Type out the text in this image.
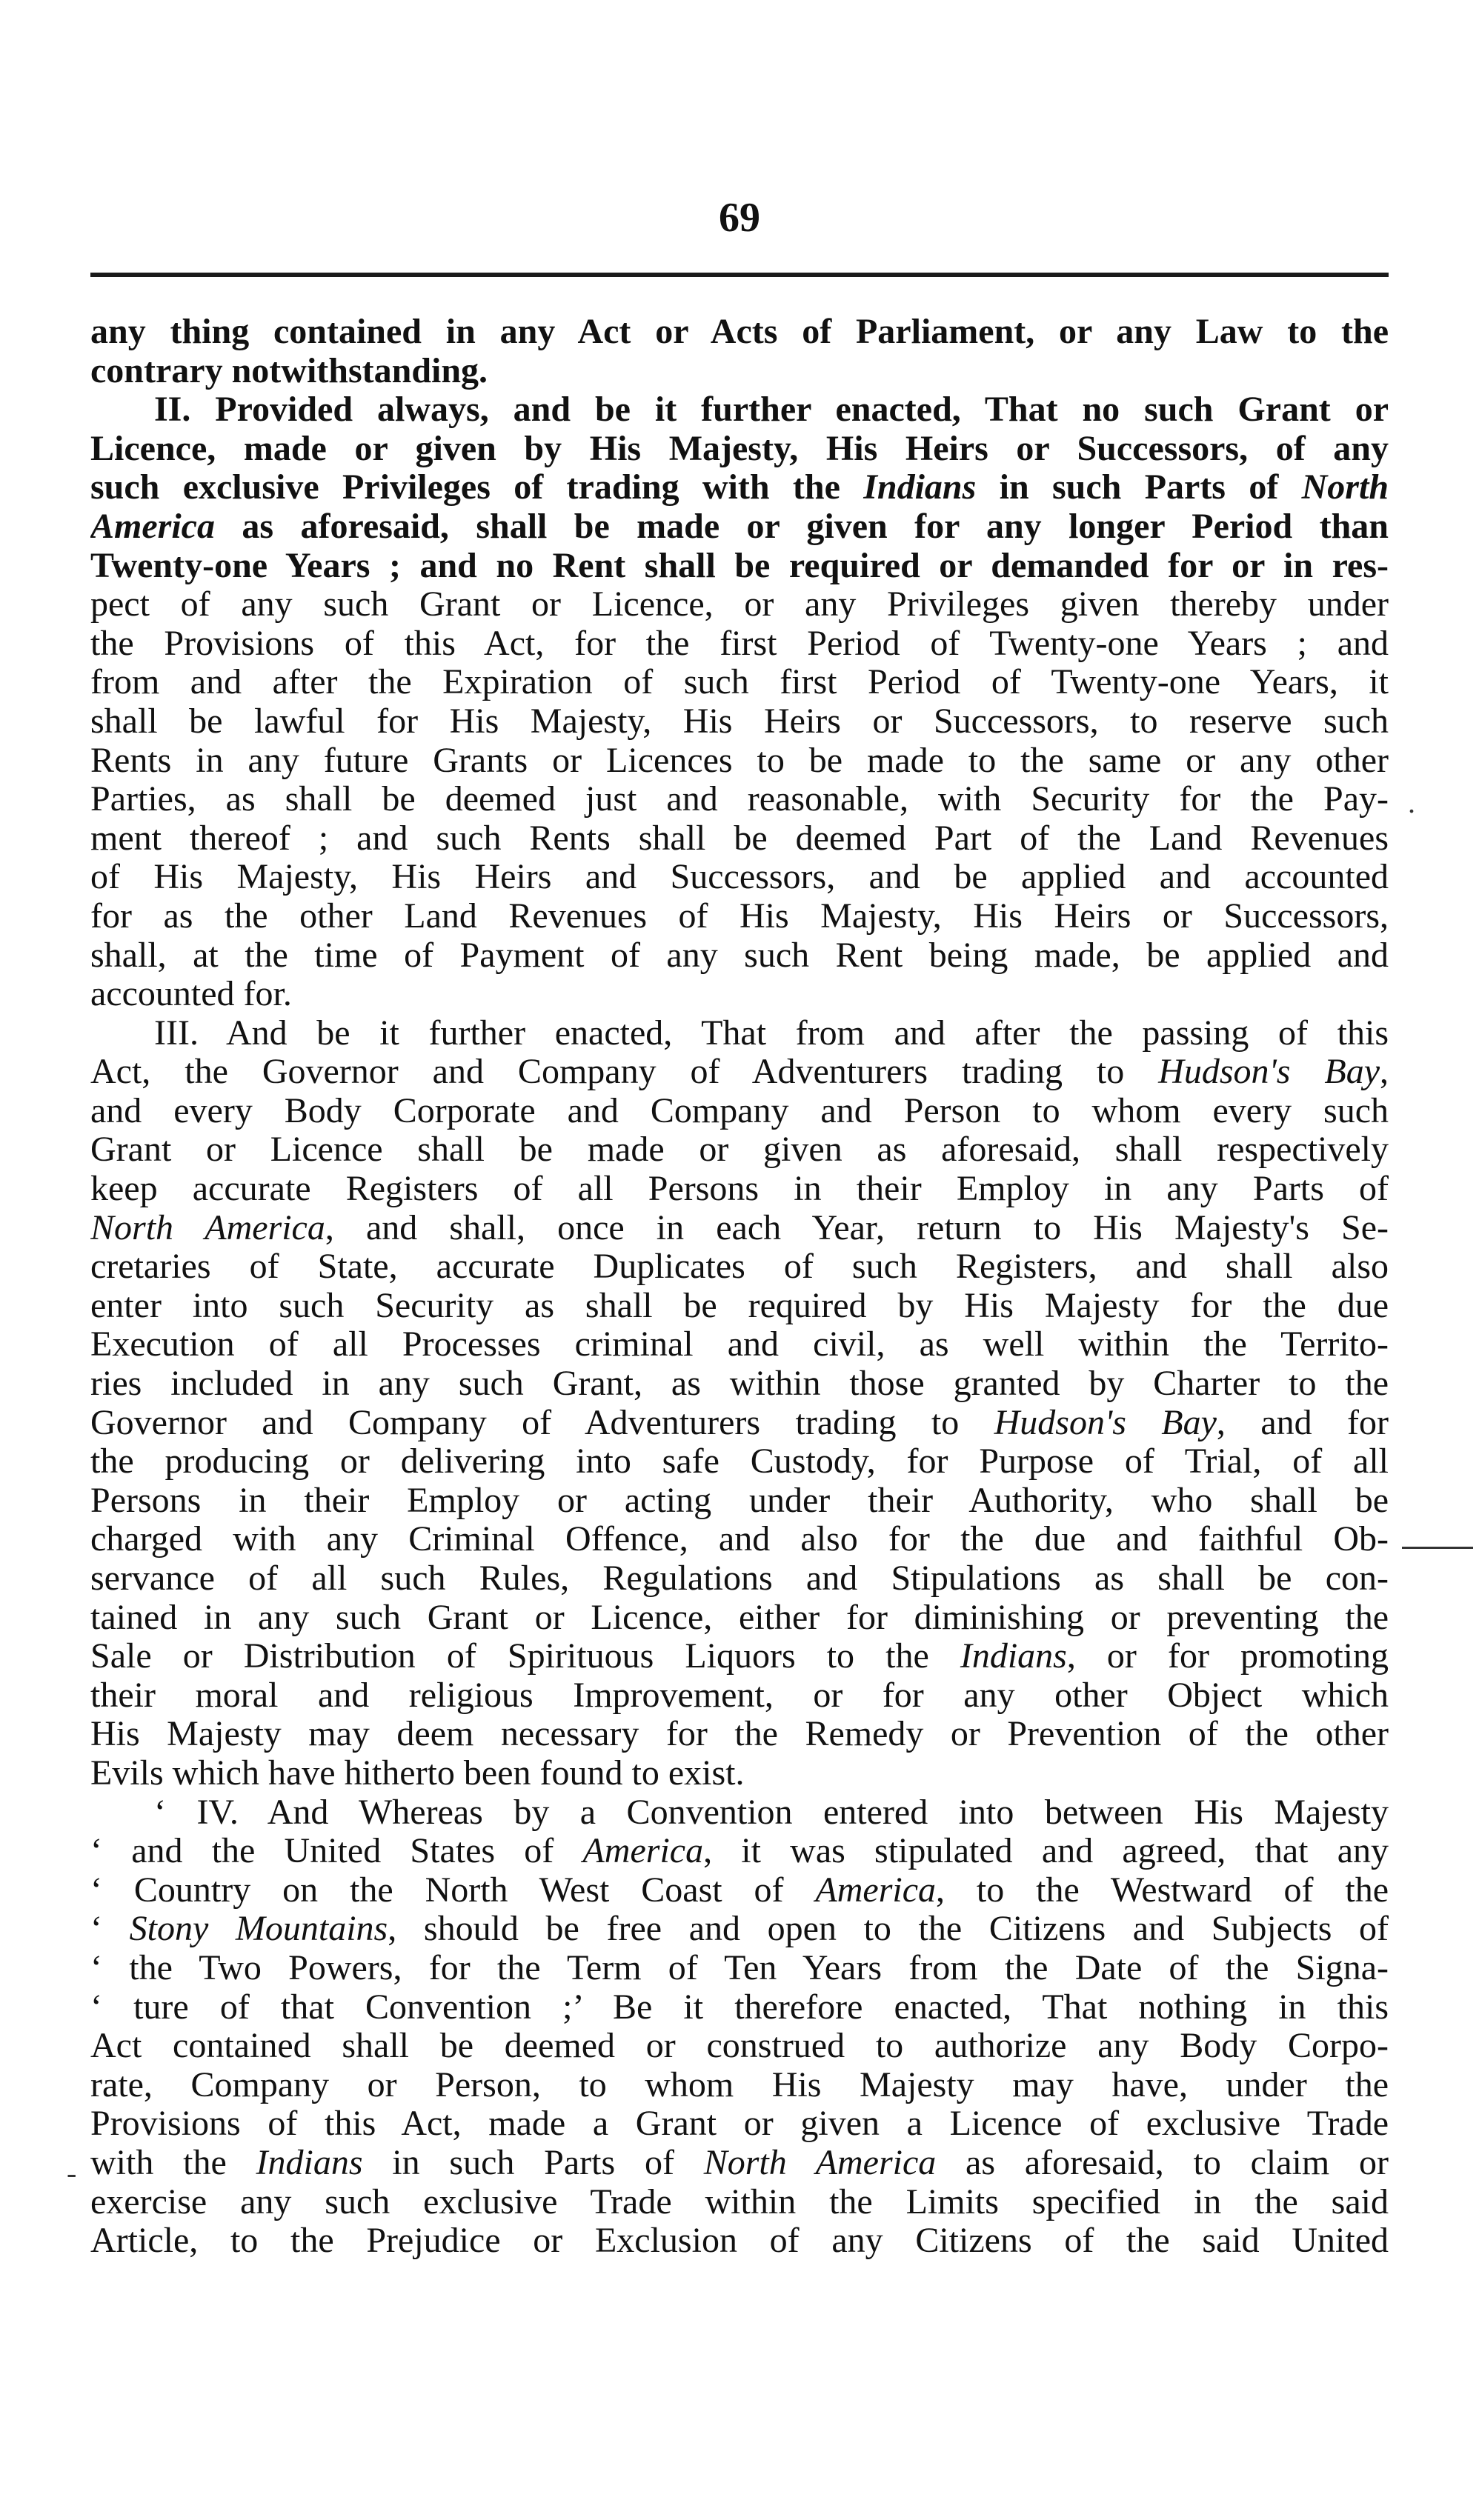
69
any thing contained in any Act or Acts of Parliament, or any Law to the
contrary notwithstanding.
II. Provided always, and be it further enacted, That no such Grant or
Licence, made or given by His Majesty, His Heirs or Successors, of any
such exclusive Privileges of trading with the Indians in such Parts of North
America as aforesaid, shall be made or given for any longer Period than
Twenty-one Years ; and no Rent shall be required or demanded for or in res-
pect of any such Grant or Licence, or any Privileges given thereby under
the Provisions of this Act, for the first Period of Twenty-one Years ; and
from and after the Expiration of such first Period of Twenty-one Years, it
shall be lawful for His Majesty, His Heirs or Successors, to reserve such
Rents in any future Grants or Licences to be made to the same or any other
Parties, as shall be deemed just and reasonable, with Security for the Pay-
ment thereof ; and such Rents shall be deemed Part of the Land Revenues
of His Majesty, His Heirs and Successors, and be applied and accounted
for as the other Land Revenues of His Majesty, His Heirs or Successors,
shall, at the time of Payment of any such Rent being made, be applied and
accounted for.
III. And be it further enacted, That from and after the passing of this
Act, the Governor and Company of Adventurers trading to Hudson's Bay,
and every Body Corporate and Company and Person to whom every such
Grant or Licence shall be made or given as aforesaid, shall respectively
keep accurate Registers of all Persons in their Employ in any Parts of
North America, and shall, once in each Year, return to His Majesty's Se-
cretaries of State, accurate Duplicates of such Registers, and shall also
enter into such Security as shall be required by His Majesty for the due
Execution of all Processes criminal and civil, as well within the Territo-
ries included in any such Grant, as within those granted by Charter to the
Governor and Company of Adventurers trading to Hudson's Bay, and for
the producing or delivering into safe Custody, for Purpose of Trial, of all
Persons in their Employ or acting under their Authority, who shall be
charged with any Criminal Offence, and also for the due and faithful Ob-
servance of all such Rules, Regulations and Stipulations as shall be con-
tained in any such Grant or Licence, either for diminishing or preventing the
Sale or Distribution of Spirituous Liquors to the Indians, or for promoting
their moral and religious Improvement, or for any other Object which
His Majesty may deem necessary for the Remedy or Prevention of the other
Evils which have hitherto been found to exist.
‘ IV. And Whereas by a Convention entered into between His Majesty
‘ and the United States of America, it was stipulated and agreed, that any
‘ Country on the North West Coast of America, to the Westward of the
‘ Stony Mountains, should be free and open to the Citizens and Subjects of
‘ the Two Powers, for the Term of Ten Years from the Date of the Signa-
‘ ture of that Convention ;’ Be it therefore enacted, That nothing in this
Act contained shall be deemed or construed to authorize any Body Corpo-
rate, Company or Person, to whom His Majesty may have, under the
Provisions of this Act, made a Grant or given a Licence of exclusive Trade
with the Indians in such Parts of North America as aforesaid, to claim or
exercise any such exclusive Trade within the Limits specified in the said
Article, to the Prejudice or Exclusion of any Citizens of the said United
.
-
